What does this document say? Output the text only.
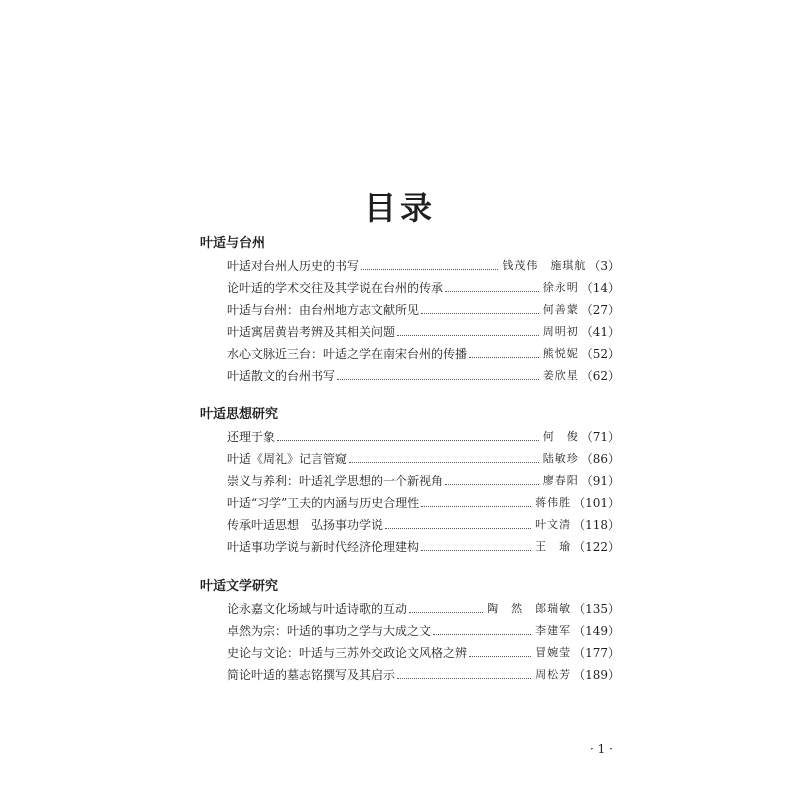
目录
叶适与台州
叶适对台州人历史的书写	钱茂伟　施琪航 （3）
论叶适的学术交往及其学说在台州的传承	徐永明 （14）
叶适与台州：由台州地方志文献所见	何善蒙 （27）
叶适寓居黄岩考辨及其相关问题	周明初 （41）
水心文脉近三台：叶适之学在南宋台州的传播	熊悦妮 （52）
叶适散文的台州书写	姜欣星 （62）
叶适思想研究
还理于象	何　俊 （71）
叶适《周礼》记言管窥	陆敏珍 （86）
崇义与养利：叶适礼学思想的一个新视角	廖春阳 （91）
叶适“习学”工夫的内涵与历史合理性	蒋伟胜 （101）
传承叶适思想　弘扬事功学说	叶文清 （118）
叶适事功学说与新时代经济伦理建构	王　瑜 （122）
叶适文学研究
论永嘉文化场域与叶适诗歌的互动	陶　然　郎瑞敏 （135）
卓然为宗：叶适的事功之学与大成之文	李建军 （149）
史论与文论：叶适与三苏外交政论文风格之辨	冒婉莹 （177）
简论叶适的墓志铭撰写及其启示	周松芳 （189）
· 1 ·
